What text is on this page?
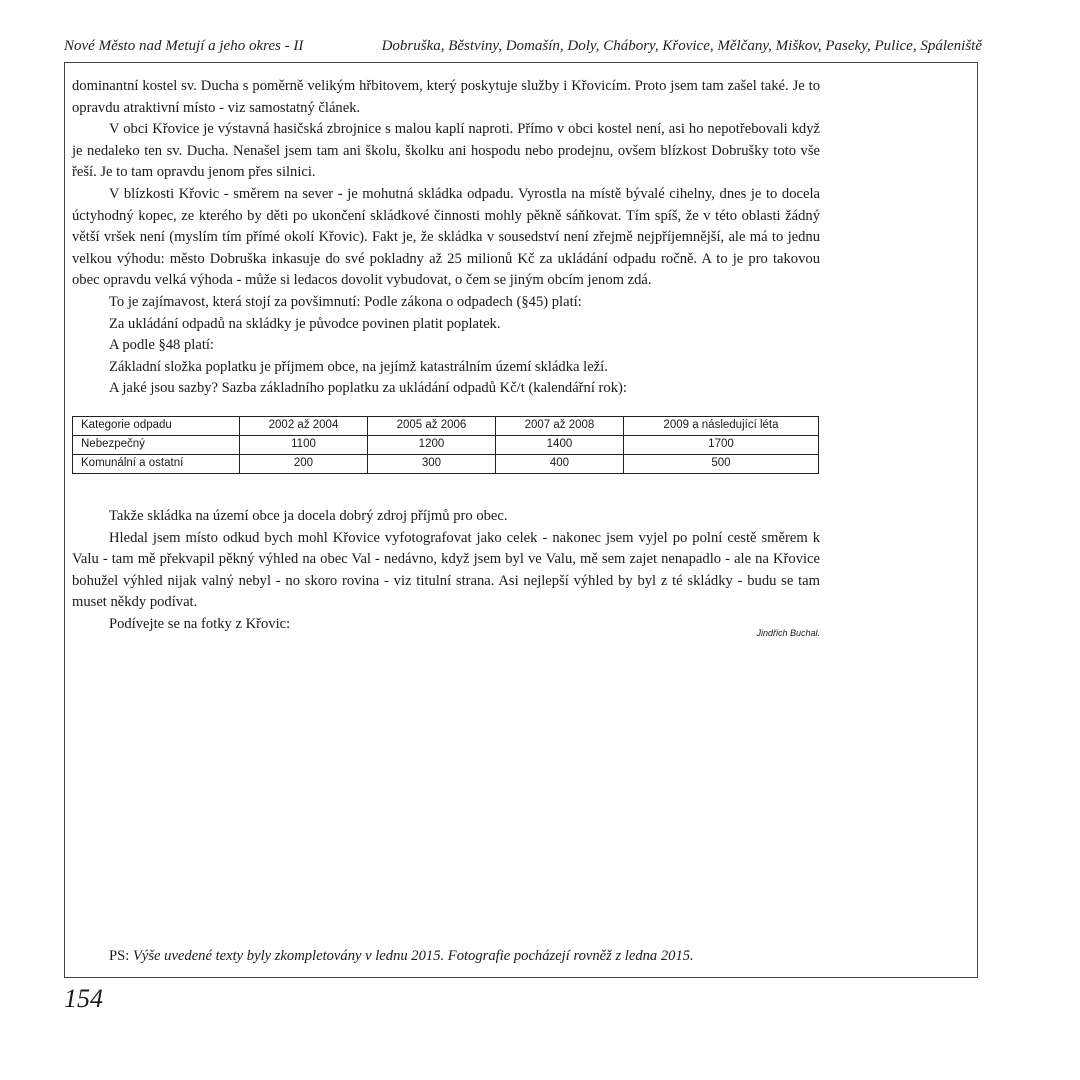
Nové Město nad Metují a jeho okres - II	Dobruška, Běstviny, Domašín, Doly, Chábory, Křovice, Mělčany, Miškov, Paseky, Pulice, Spáleniště

dominantní kostel sv. Ducha s poměrně velikým hřbitovem, který poskytuje služby i Křovicím. Proto jsem tam zašel také. Je to opravdu atraktivní místo - viz samostatný článek.

V obci Křovice je výstavná hasičská zbrojnice s malou kaplí naproti. Přímo v obci kostel není, asi ho nepotřebovali když je nedaleko ten sv. Ducha. Nenašel jsem tam ani školu, školku ani hospodu nebo prodejnu, ovšem blízkost Dobrušky toto vše řeší. Je to tam opravdu jenom přes silnici.

V blízkosti Křovic - směrem na sever - je mohutná skládka odpadu. Vyrostla na místě bývalé cihelny, dnes je to docela úctyhodný kopec, ze kterého by děti po ukončení skládkové činnosti mohly pěkně sáňkovat. Tím spíš, že v této oblasti žádný větší vršek není (myslím tím přímé okolí Křovic). Fakt je, že skládka v sousedství není zřejmě nejpříjemnější, ale má to jednu velkou výhodu: město Dobruška inkasuje do své pokladny až 25 milionů Kč za ukládání odpadu ročně. A to je pro takovou obec opravdu velká výhoda - může si ledacos dovolit vybudovat, o čem se jiným obcím jenom zdá.

To je zajímavost, která stojí za povšimnutí: Podle zákona o odpadech (§45) platí:

Za ukládání odpadů na skládky je původce povinen platit poplatek.

A podle §48 platí:

Základní složka poplatku je příjmem obce, na jejímž katastrálním území skládka leží.

A jaké jsou sazby? Sazba základního poplatku za ukládání odpadů Kč/t (kalendářní rok):

Kategorie odpadu	2002 až 2004	2005 až 2006	2007 až 2008	2009 a následující léta
Nebezpečný	1100	1200	1400	1700
Komunální a ostatní	200	300	400	500

Takže skládka na území obce ja docela dobrý zdroj příjmů pro obec.

Hledal jsem místo odkud bych mohl Křovice vyfotografovat jako celek - nakonec jsem vyjel po polní cestě směrem k Valu - tam mě překvapil pěkný výhled na obec Val - nedávno, když jsem byl ve Valu, mě sem zajet nenapadlo - ale na Křovice bohužel výhled nijak valný nebyl - no skoro rovina - viz titulní strana. Asi nejlepší výhled by byl z té skládky - budu se tam muset někdy podívat.

Podívejte se na fotky z Křovic:

Jindřich Buchal.
PS: Výše uvedené texty byly zkompletovány v lednu 2015. Fotografie pocházejí rovněž z ledna 2015.
154
